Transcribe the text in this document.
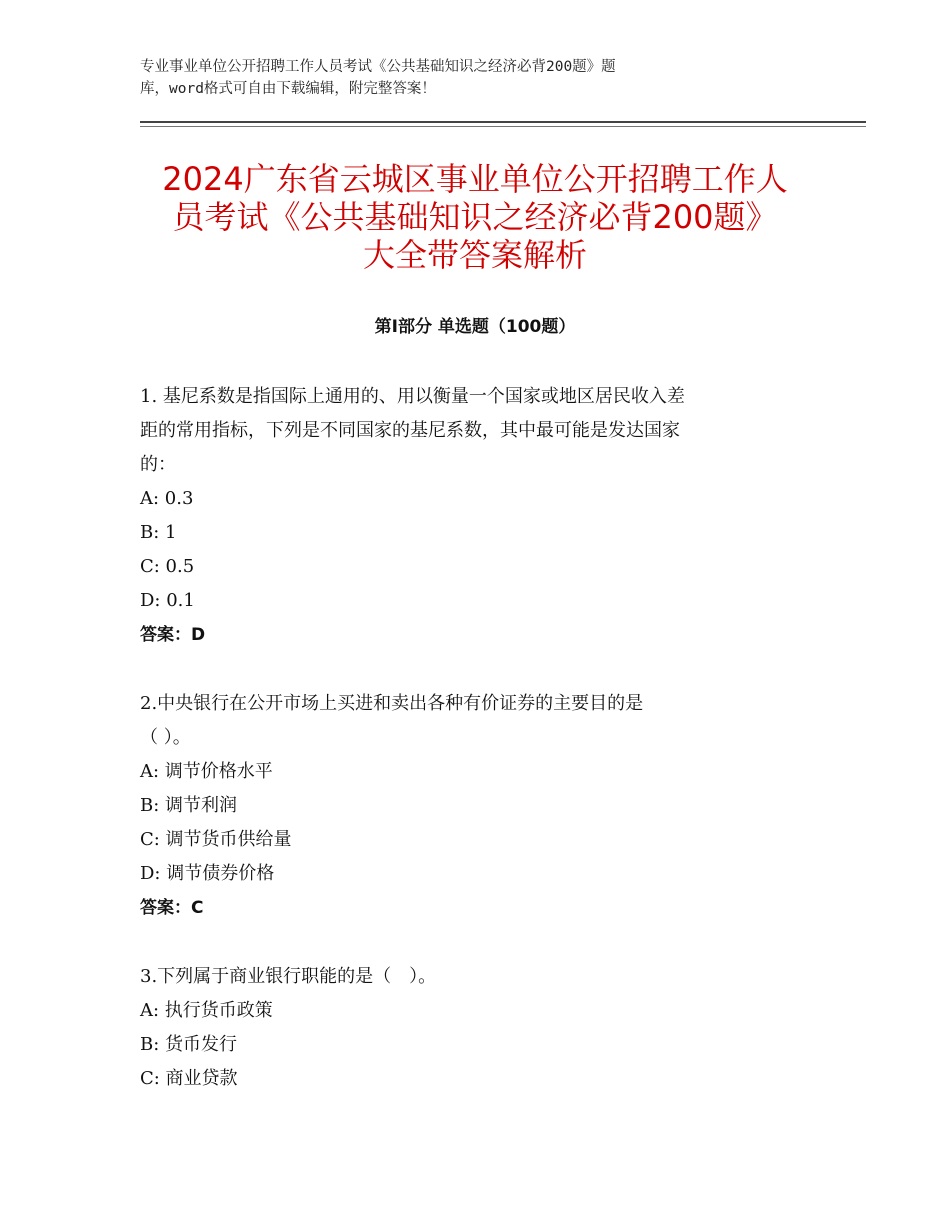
专业事业单位公开招聘工作人员考试《公共基础知识之经济必背200题》题
库，word格式可自由下载编辑，附完整答案！
2024广东省云城区事业单位公开招聘工作人
员考试《公共基础知识之经济必背200题》
大全带答案解析
第Ⅰ部分 单选题（100题）
1. 基尼系数是指国际上通用的、用以衡量一个国家或地区居民收入差
距的常用指标，下列是不同国家的基尼系数，其中最可能是发达国家
的：
A: 0.3
B: 1
C: 0.5
D: 0.1
答案：D
2.中央银行在公开市场上买进和卖出各种有价证券的主要目的是
（ ）。
A: 调节价格水平
B: 调节利润
C: 调节货币供给量
D: 调节债券价格
答案：C
3.下列属于商业银行职能的是（　）。
A: 执行货币政策
B: 货币发行
C: 商业贷款
